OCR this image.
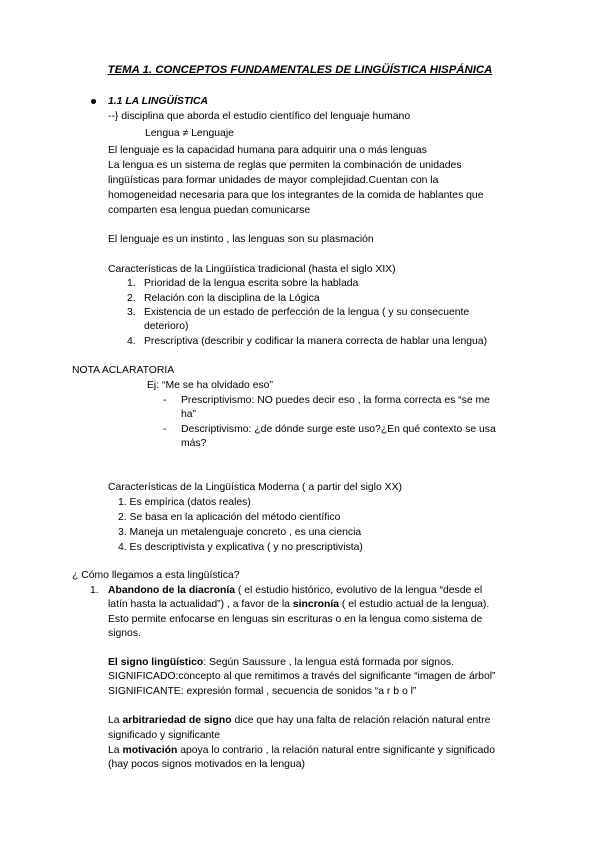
TEMA 1. CONCEPTOS FUNDAMENTALES DE LINGÜÍSTICA HISPÁNICA
1.1 LA LINGÜÍSTICA
--} disciplina que aborda el estudio científico del lenguaje humano
Lengua ≠ Lenguaje
El lenguaje es la capacidad humana para adquirir una o más lenguas
La lengua es un sistema de reglas que permiten la combinación de unidades
lingüísticas para formar unidades de mayor complejidad.Cuentan con la
homogeneidad necesaria para que los integrantes de la comida de hablantes que
comparten esa lengua puedan comunicarse
El lenguaje es un instinto , las lenguas son su plasmación
Características de la Lingüística tradicional (hasta el siglo XIX)
1. Prioridad de la lengua escrita sobre la hablada
2. Relación con la disciplina de la Lógica
3. Existencia de un estado de perfección de la lengua ( y su consecuente
deterioro)
4. Prescriptiva (describir y codificar la manera correcta de hablar una lengua)
NOTA ACLARATORIA
Ej: “Me se ha olvidado eso”
- Prescriptivismo: NO puedes decir eso , la forma correcta es “se me
ha”
- Descriptivismo: ¿de dónde surge este uso?¿En qué contexto se usa
más?
Características de la Lingüística Moderna ( a partir del siglo XX)
1. Es empírica (datos reales)
2. Se basa en la aplicación del método científico
3. Maneja un metalenguaje concreto , es una ciencia
4. Es descriptivista y explicativa ( y no prescriptivista)
¿ Cómo llegamos a esta lingüística?
1. Abandono de la diacronía ( el estudio histórico, evolutivo de la lengua “desde el
latín hasta la actualidad”) , a favor de la sincronía ( el estudio actual de la lengua).
Esto permite enfocarse en lenguas sin escrituras o en la lengua como sistema de
signos.
El signo lingüístico: Según Saussure , la lengua está formada por signos.
SIGNIFICADO:concepto al que remitimos a través del significante “imagen de árbol”
SIGNIFICANTE: expresión formal , secuencia de sonidos “a r b o l”
La arbitrariedad de signo dice que hay una falta de relación relación natural entre
significado y significante
La motivación apoya lo contrario , la relación natural entre significante y significado
(hay pocos signos motivados en la lengua)
